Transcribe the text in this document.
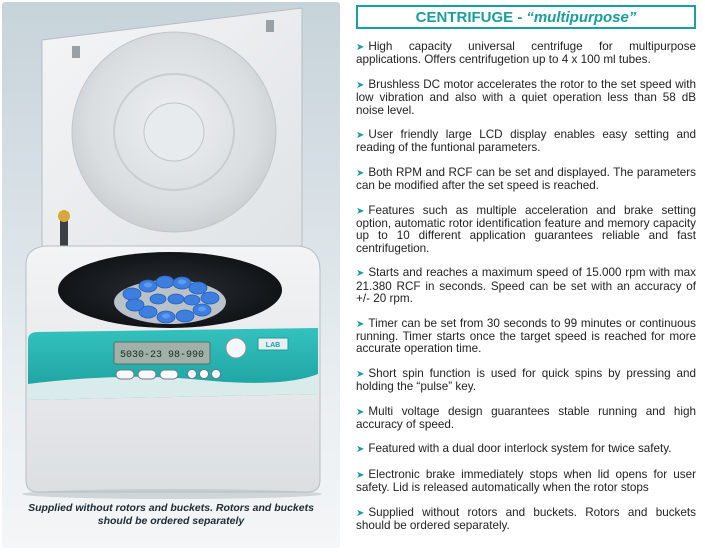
5030-23 98-990
LAB
Supplied without rotors and buckets. Rotors and buckets should be ordered separately
CENTRIFUGE - “multipurpose”
➤ High capacity universal centrifuge for multipurpose applications. Offers centrifugetion up to 4 x 100 ml tubes.
➤ Brushless DC motor accelerates the rotor to the set speed with low vibration and also with a quiet operation less than 58 dB noise level.
➤ User friendly large LCD display enables easy setting and reading of the funtional parameters.
➤ Both RPM and RCF can be set and displayed. The parameters can be modified after the set speed is reached.
➤ Features such as multiple acceleration and brake setting option, automatic rotor identification feature and memory capacity up to 10 different application guarantees reliable and fast centrifugetion.
➤ Starts and reaches a maximum speed of 15.000 rpm with max 21.380 RCF in seconds. Speed can be set with an accuracy of +/- 20 rpm.
➤ Timer can be set from 30 seconds to 99 minutes or continuous running. Timer starts once the target speed is reached for more accurate operation time.
➤ Short spin function is used for quick spins by pressing and holding the “pulse” key.
➤ Multi voltage design guarantees stable running and high accuracy of speed.
➤ Featured with a dual door interlock system for twice safety.
➤ Electronic brake immediately stops when lid opens for user safety. Lid is released automatically when the rotor stops
➤ Supplied without rotors and buckets. Rotors and buckets should be ordered separately.
